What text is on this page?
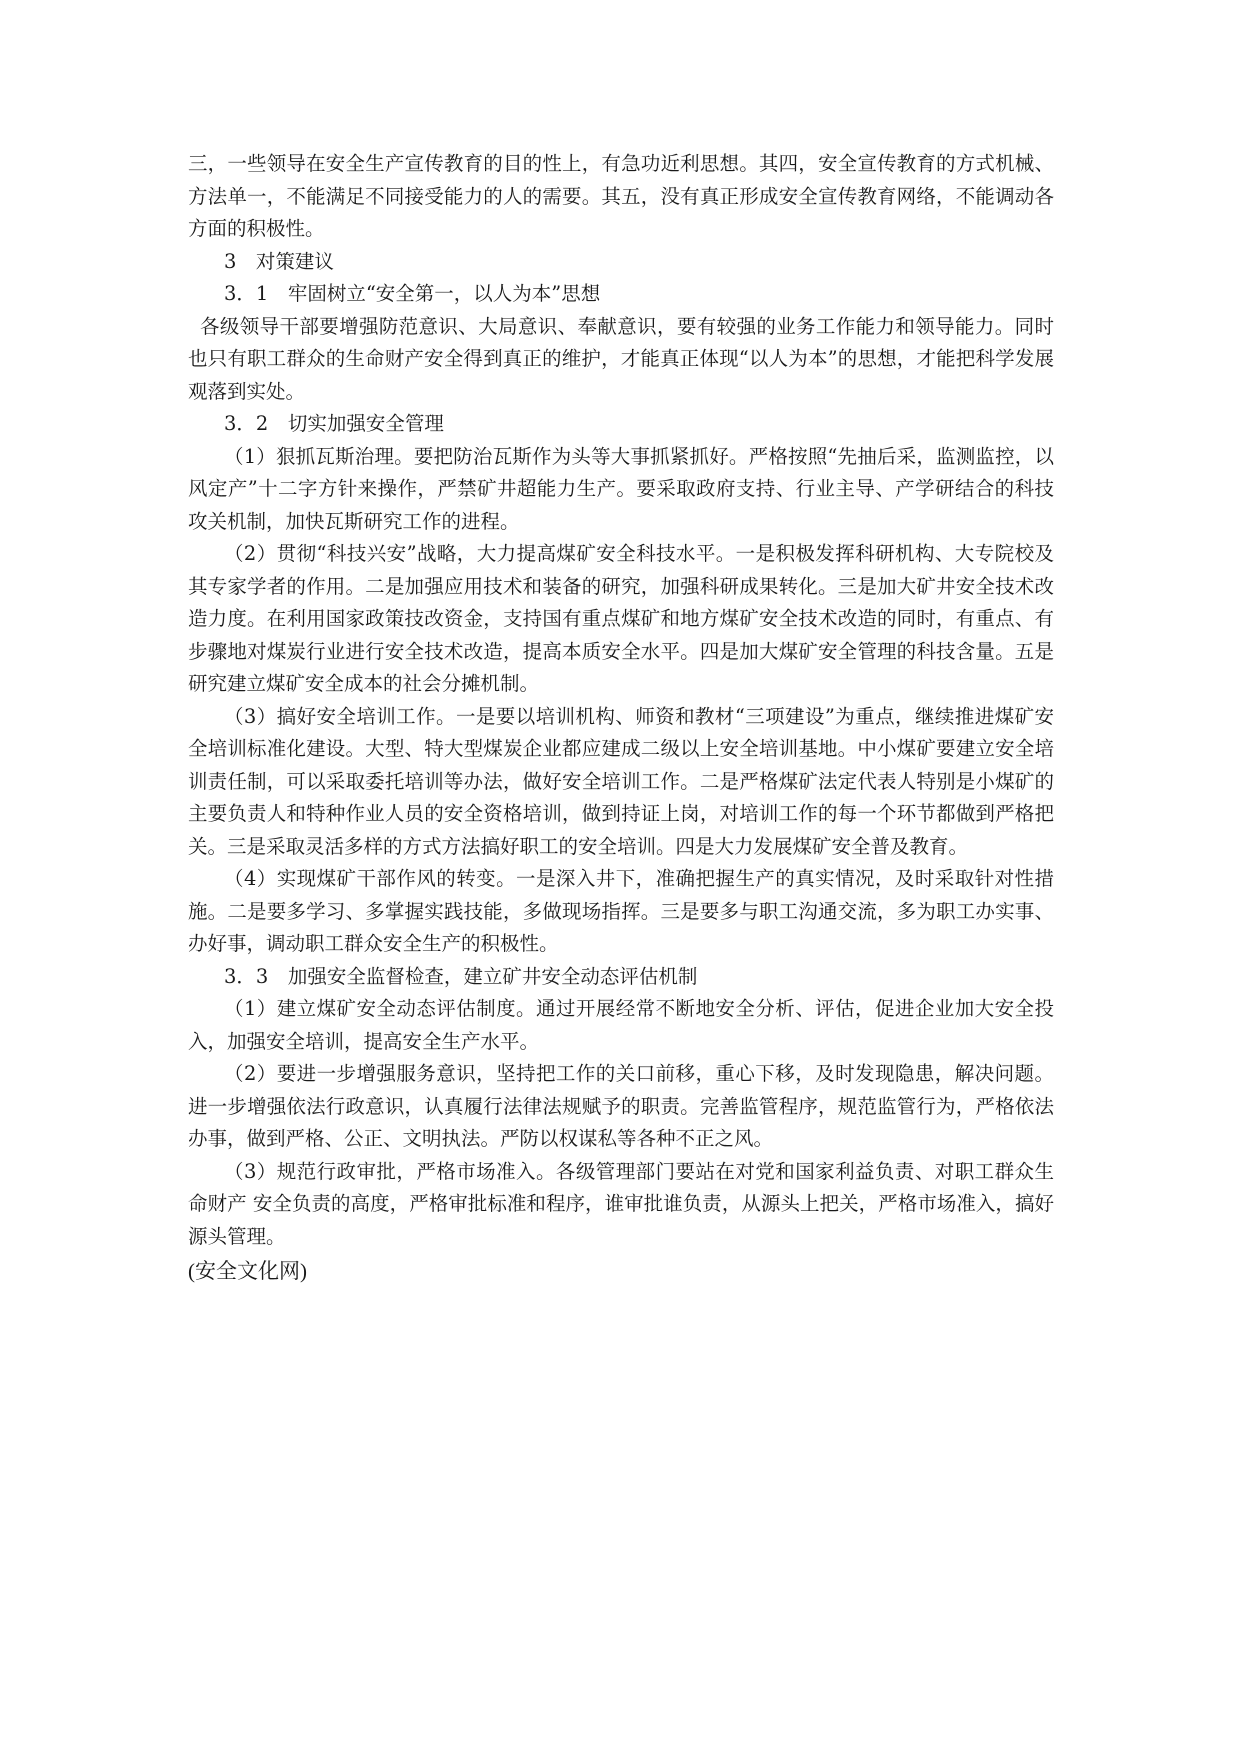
三，一些领导在安全生产宣传教育的目的性上，有急功近利思想。其四，安全宣传教育的方式机械、方法单一，不能满足不同接受能力的人的需要。其五，没有真正形成安全宣传教育网络，不能调动各方面的积极性。

3　对策建议

3．1　牢固树立“安全第一，以人为本”思想

各级领导干部要增强防范意识、大局意识、奉献意识，要有较强的业务工作能力和领导能力。同时也只有职工群众的生命财产安全得到真正的维护，才能真正体现“以人为本”的思想，才能把科学发展观落到实处。

3．2　切实加强安全管理

（1）狠抓瓦斯治理。要把防治瓦斯作为头等大事抓紧抓好。严格按照“先抽后采，监测监控，以风定产”十二字方针来操作，严禁矿井超能力生产。要采取政府支持、行业主导、产学研结合的科技攻关机制，加快瓦斯研究工作的进程。

（2）贯彻“科技兴安”战略，大力提高煤矿安全科技水平。一是积极发挥科研机构、大专院校及其专家学者的作用。二是加强应用技术和装备的研究，加强科研成果转化。三是加大矿井安全技术改造力度。在利用国家政策技改资金，支持国有重点煤矿和地方煤矿安全技术改造的同时，有重点、有步骤地对煤炭行业进行安全技术改造，提高本质安全水平。四是加大煤矿安全管理的科技含量。五是研究建立煤矿安全成本的社会分摊机制。

（3）搞好安全培训工作。一是要以培训机构、师资和教材“三项建设”为重点，继续推进煤矿安全培训标准化建设。大型、特大型煤炭企业都应建成二级以上安全培训基地。中小煤矿要建立安全培训责任制，可以采取委托培训等办法，做好安全培训工作。二是严格煤矿法定代表人特别是小煤矿的主要负责人和特种作业人员的安全资格培训，做到持证上岗，对培训工作的每一个环节都做到严格把关。三是采取灵活多样的方式方法搞好职工的安全培训。四是大力发展煤矿安全普及教育。

（4）实现煤矿干部作风的转变。一是深入井下，准确把握生产的真实情况，及时采取针对性措施。二是要多学习、多掌握实践技能，多做现场指挥。三是要多与职工沟通交流，多为职工办实事、办好事，调动职工群众安全生产的积极性。

3．3　加强安全监督检查，建立矿井安全动态评估机制

（1）建立煤矿安全动态评估制度。通过开展经常不断地安全分析、评估，促进企业加大安全投入，加强安全培训，提高安全生产水平。

（2）要进一步增强服务意识，坚持把工作的关口前移，重心下移，及时发现隐患，解决问题。进一步增强依法行政意识，认真履行法律法规赋予的职责。完善监管程序，规范监管行为，严格依法办事，做到严格、公正、文明执法。严防以权谋私等各种不正之风。

（3）规范行政审批，严格市场准入。各级管理部门要站在对党和国家利益负责、对职工群众生命财产 安全负责的高度，严格审批标准和程序，谁审批谁负责，从源头上把关，严格市场准入，搞好源头管理。

(安全文化网)
